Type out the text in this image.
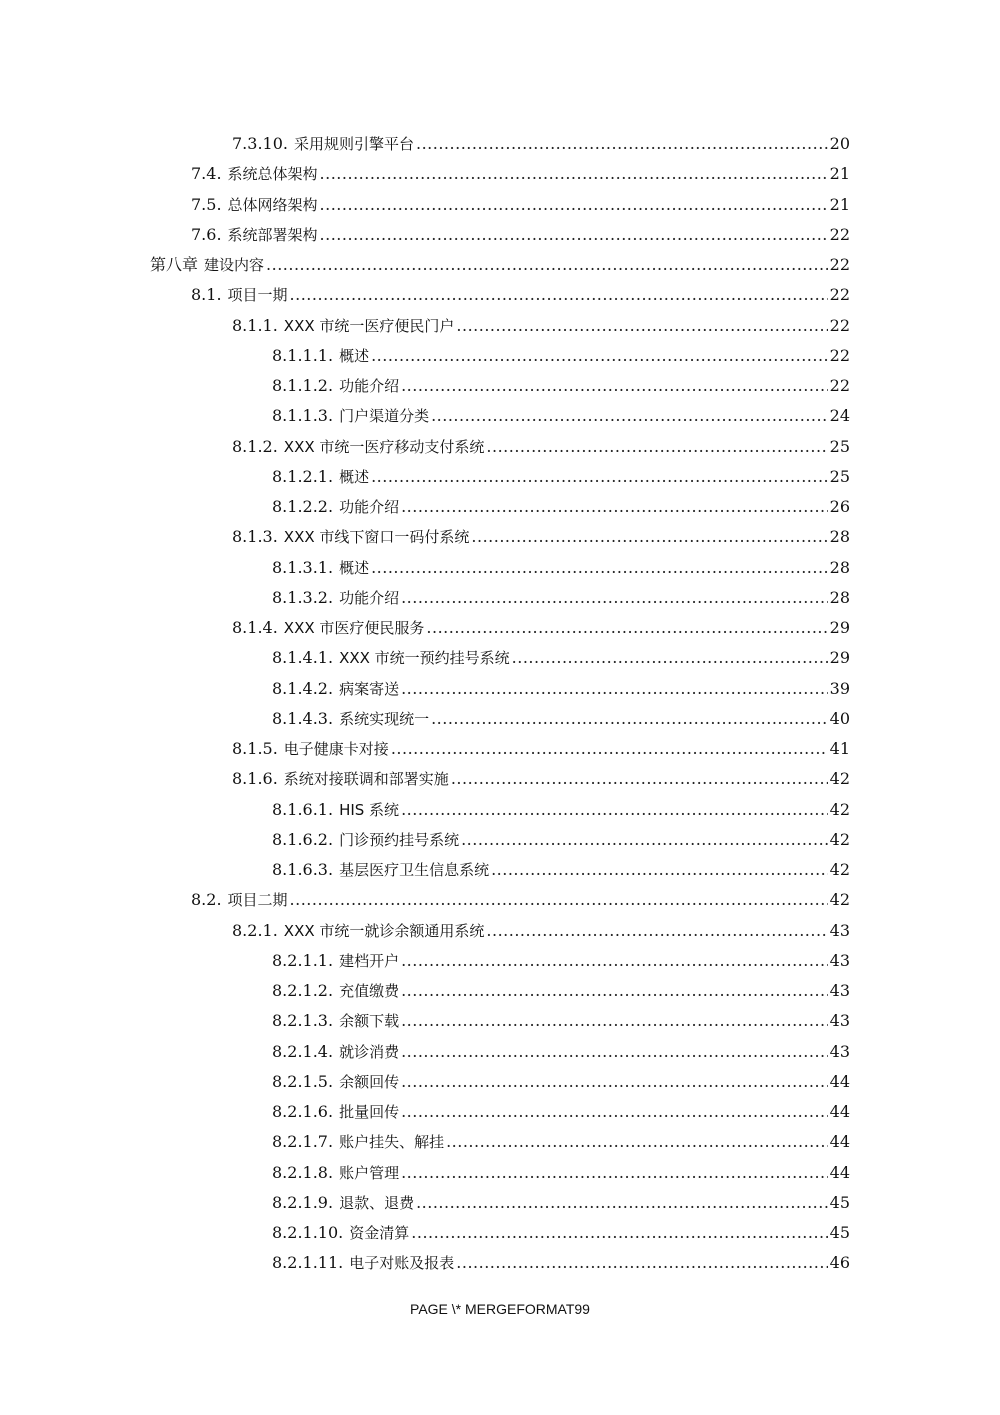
7.3.10. 采用规则引擎平台 .....	20
7.4. 系统总体架构 .....	21
7.5. 总体网络架构 .....	21
7.6. 系统部署架构 .....	22
第八章 建设内容 .....	22
8.1. 项目一期 .....	22
8.1.1. XXX 市统一医疗便民门户 .....	22
8.1.1.1. 概述 .....	22
8.1.1.2. 功能介绍 .....	22
8.1.1.3. 门户渠道分类 .....	24
8.1.2. XXX 市统一医疗移动支付系统 .....	25
8.1.2.1. 概述 .....	25
8.1.2.2. 功能介绍 .....	26
8.1.3. XXX 市线下窗口一码付系统 .....	28
8.1.3.1. 概述 .....	28
8.1.3.2. 功能介绍 .....	28
8.1.4. XXX 市医疗便民服务 .....	29
8.1.4.1. XXX 市统一预约挂号系统 .....	29
8.1.4.2. 病案寄送 .....	39
8.1.4.3. 系统实现统一 .....	40
8.1.5. 电子健康卡对接 .....	41
8.1.6. 系统对接联调和部署实施 .....	42
8.1.6.1. HIS 系统 .....	42
8.1.6.2. 门诊预约挂号系统 .....	42
8.1.6.3. 基层医疗卫生信息系统 .....	42
8.2. 项目二期 .....	42
8.2.1. XXX 市统一就诊余额通用系统 .....	43
8.2.1.1. 建档开户 .....	43
8.2.1.2. 充值缴费 .....	43
8.2.1.3. 余额下载 .....	43
8.2.1.4. 就诊消费 .....	43
8.2.1.5. 余额回传 .....	44
8.2.1.6. 批量回传 .....	44
8.2.1.7. 账户挂失、解挂 .....	44
8.2.1.8. 账户管理 .....	44
8.2.1.9. 退款、退费 .....	45
8.2.1.10. 资金清算 .....	45
8.2.1.11. 电子对账及报表 .....	46
PAGE \* MERGEFORMAT99
